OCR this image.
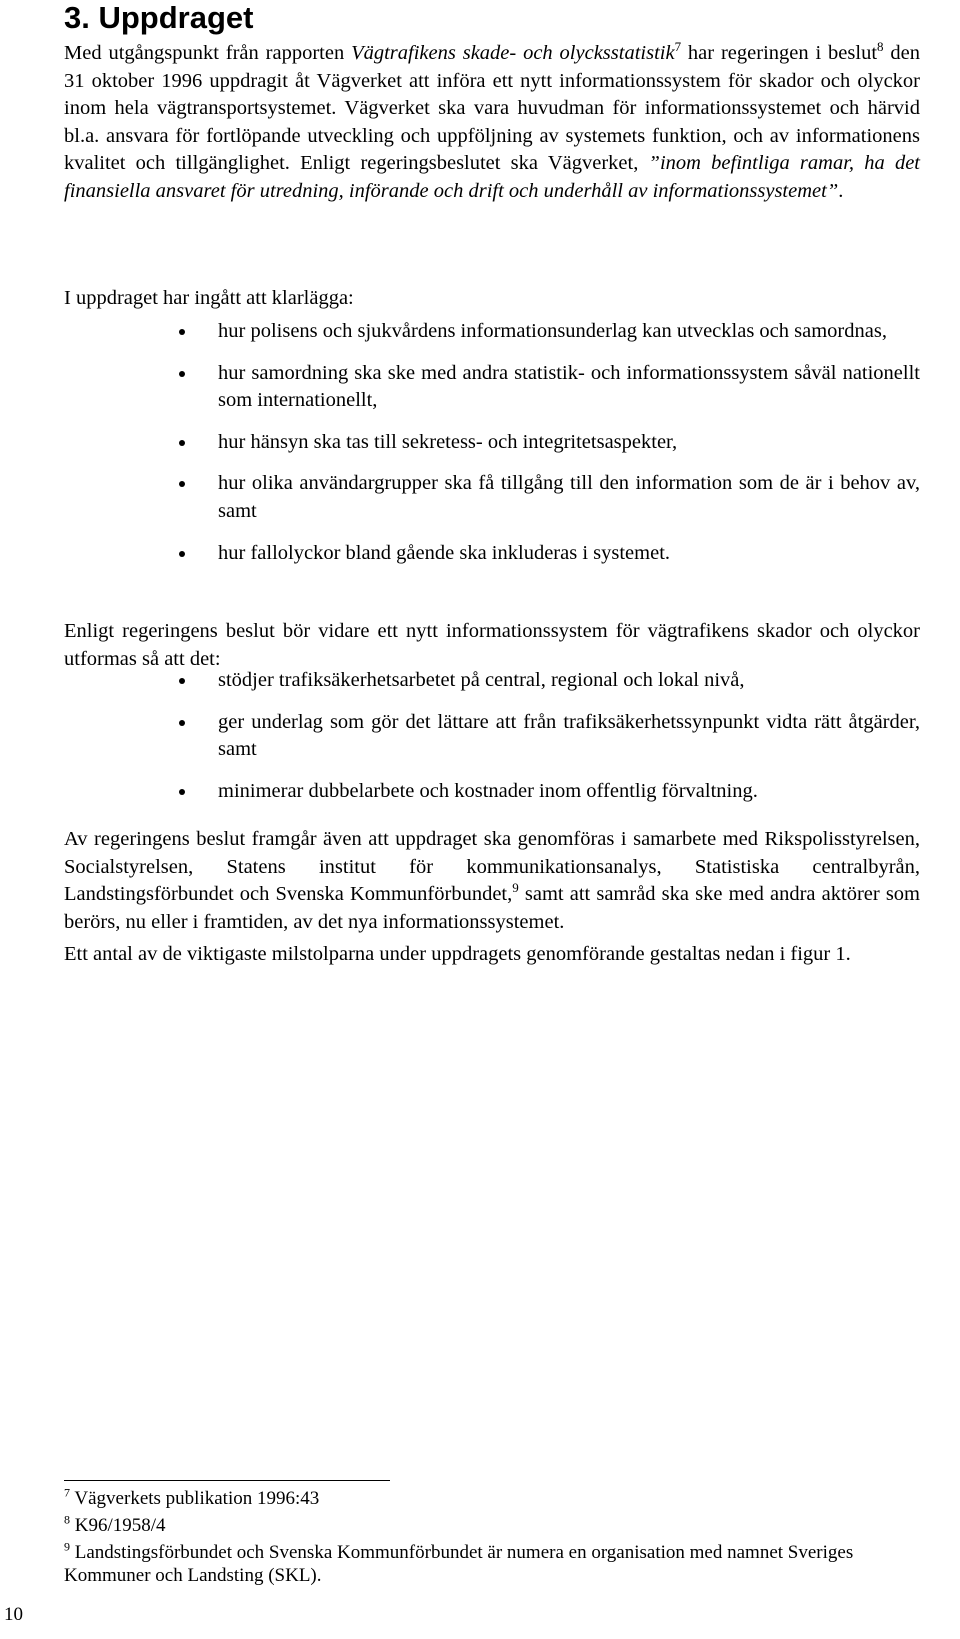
3. Uppdraget

Med utgångspunkt från rapporten Vägtrafikens skade- och olycksstatistik$^7$ har regeringen i beslut$^8$ den 31 oktober 1996 uppdragit åt Vägverket att införa ett nytt informationssystem för skador och olyckor inom hela vägtransportsystemet. Vägverket ska vara huvudman för informationssystemet och härvid bl.a. ansvara för fortlöpande utveckling och uppföljning av systemets funktion, och av informationens kvalitet och tillgänglighet. Enligt regeringsbeslutet ska Vägverket, ”inom befintliga ramar, ha det finansiella ansvaret för utredning, införande och drift och underhåll av informationssystemet”.

I uppdraget har ingått att klarlägga:

hur polisens och sjukvårdens informationsunderlag kan utvecklas och samordnas,
hur samordning ska ske med andra statistik- och informationssystem såväl nationellt som internationellt,
hur hänsyn ska tas till sekretess- och integritetsaspekter,
hur olika användargrupper ska få tillgång till den information som de är i behov av, samt
hur fallolyckor bland gående ska inkluderas i systemet.

Enligt regeringens beslut bör vidare ett nytt informationssystem för vägtrafikens skador och olyckor utformas så att det:

stödjer trafiksäkerhetsarbetet på central, regional och lokal nivå,
ger underlag som gör det lättare att från trafiksäkerhetssynpunkt vidta rätt åtgärder, samt
minimerar dubbelarbete och kostnader inom offentlig förvaltning.

Av regeringens beslut framgår även att uppdraget ska genomföras i samarbete med Rikspolisstyrelsen, Socialstyrelsen, Statens institut för kommunikationsanalys, Statistiska centralbyrån, Landstingsförbundet och Svenska Kommunförbundet,$^9$ samt att samråd ska ske med andra aktörer som berörs, nu eller i framtiden, av det nya informationssystemet.

Ett antal av de viktigaste milstolparna under uppdragets genomförande gestaltas nedan i figur 1.

$^7$ Vägverkets publikation 1996:43

$^8$ K96/1958/4

$^9$ Landstingsförbundet och Svenska Kommunförbundet är numera en organisation med namnet Sveriges Kommuner och Landsting (SKL).

10
